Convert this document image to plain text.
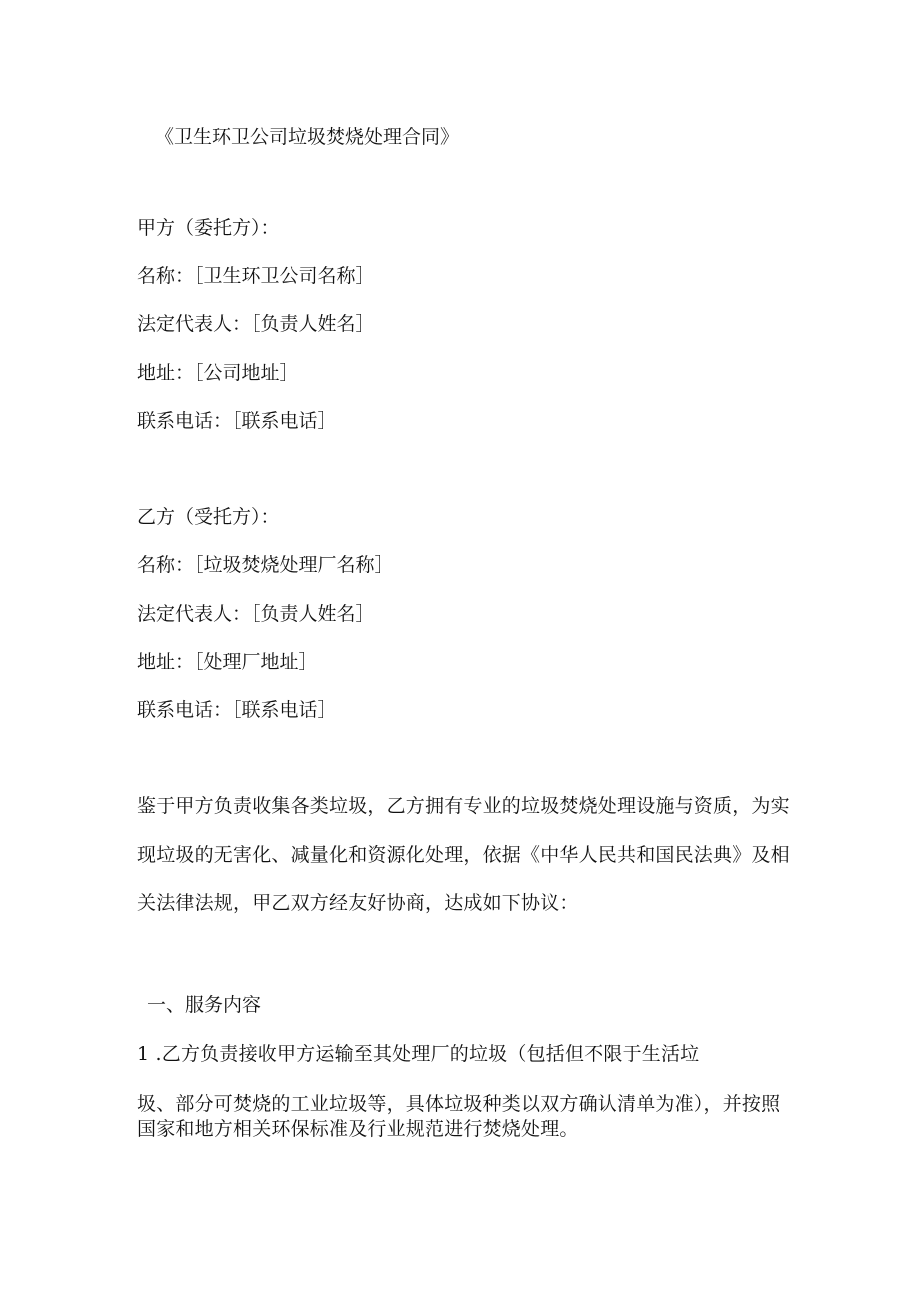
《卫生环卫公司垃圾焚烧处理合同》
甲方（委托方）：
名称：［卫生环卫公司名称］
法定代表人：［负责人姓名］
地址：［公司地址］
联系电话：［联系电话］
乙方（受托方）：
名称：［垃圾焚烧处理厂名称］
法定代表人：［负责人姓名］
地址：［处理厂地址］
联系电话：［联系电话］
鉴于甲方负责收集各类垃圾，乙方拥有专业的垃圾焚烧处理设施与资质，为实
现垃圾的无害化、减量化和资源化处理，依据《中华人民共和国民法典》及相
关法律法规，甲乙双方经友好协商，达成如下协议：
一、服务内容
1 .乙方负责接收甲方运输至其处理厂的垃圾（包括但不限于生活垃
圾、部分可焚烧的工业垃圾等，具体垃圾种类以双方确认清单为准），并按照
国家和地方相关环保标准及行业规范进行焚烧处理。
